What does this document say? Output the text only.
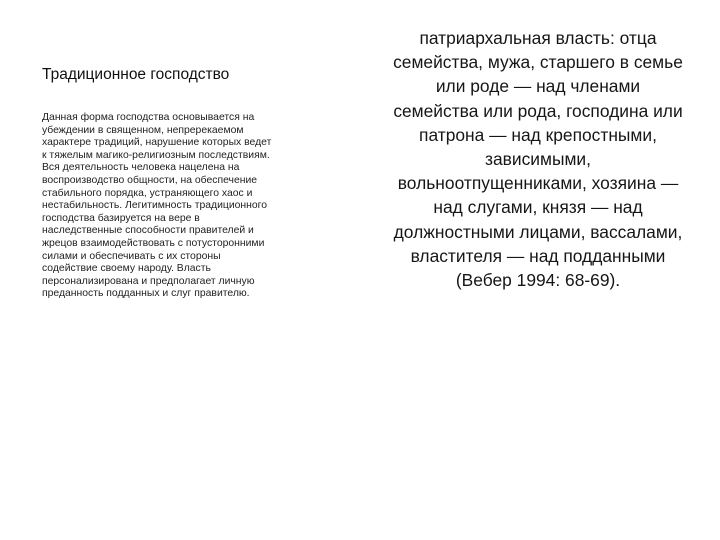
Традиционное господство

Данная форма господства основывается на убеждении в священном, непререкаемом характере традиций, нарушение которых ведет к тяжелым магико-религиозным последствиям. Вся деятельность человека нацелена на воспроизводство общности, на обеспечение стабильного порядка, устраняющего хаос и нестабильность. Легитимность традиционного господства базируется на вере в наследственные способности правителей и жрецов взаимодействовать с потусторонними силами и обеспечивать с их стороны содействие своему народу. Власть персонализирована и предполагает личную преданность подданных и слуг правителю.

патриархальная власть: отца семейства, мужа, старшего в семье или роде — над членами семейства или рода, господина или патрона — над крепостными, зависимыми, вольноотпущенниками, хозяина — над слугами, князя — над должностными лицами, вассалами, властителя — над подданными (Вебер 1994: 68-69).
